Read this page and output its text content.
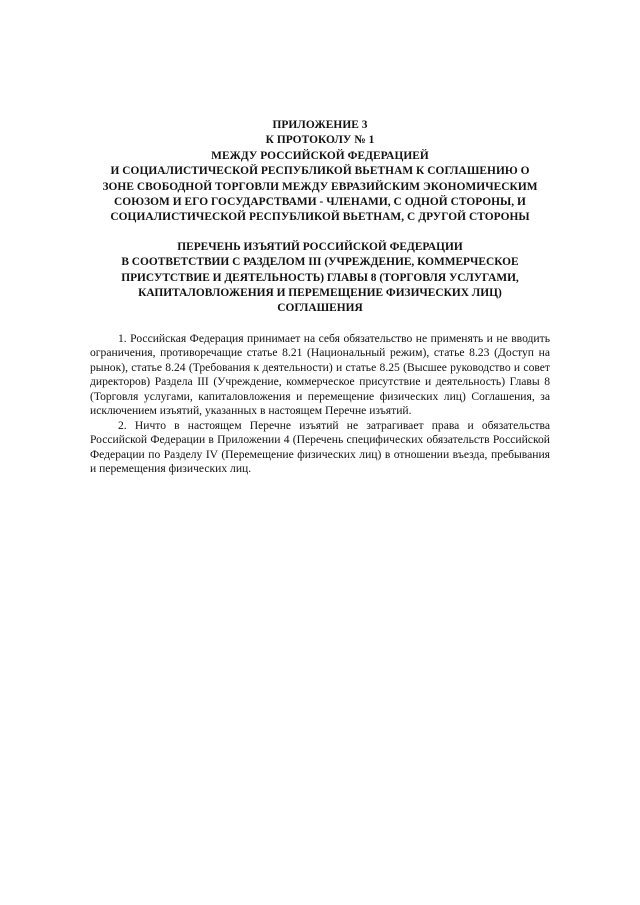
ПРИЛОЖЕНИЕ 3
К ПРОТОКОЛУ № 1
МЕЖДУ РОССИЙСКОЙ ФЕДЕРАЦИЕЙ
И СОЦИАЛИСТИЧЕСКОЙ РЕСПУБЛИКОЙ ВЬЕТНАМ К СОГЛАШЕНИЮ О
ЗОНЕ СВОБОДНОЙ ТОРГОВЛИ МЕЖДУ ЕВРАЗИЙСКИМ ЭКОНОМИЧЕСКИМ
СОЮЗОМ И ЕГО ГОСУДАРСТВАМИ - ЧЛЕНАМИ, С ОДНОЙ СТОРОНЫ, И
СОЦИАЛИСТИЧЕСКОЙ РЕСПУБЛИКОЙ ВЬЕТНАМ, С ДРУГОЙ СТОРОНЫ
ПЕРЕЧЕНЬ ИЗЪЯТИЙ РОССИЙСКОЙ ФЕДЕРАЦИИ
В СООТВЕТСТВИИ С РАЗДЕЛОМ III (УЧРЕЖДЕНИЕ, КОММЕРЧЕСКОЕ
ПРИСУТСТВИЕ И ДЕЯТЕЛЬНОСТЬ) ГЛАВЫ 8 (ТОРГОВЛЯ УСЛУГАМИ,
КАПИТАЛОВЛОЖЕНИЯ И ПЕРЕМЕЩЕНИЕ ФИЗИЧЕСКИХ ЛИЦ)
СОГЛАШЕНИЯ

1. Российская Федерация принимает на себя обязательство не применять и не вводить ограничения, противоречащие статье 8.21 (Национальный режим), статье 8.23 (Доступ на рынок), статье 8.24 (Требования к деятельности) и статье 8.25 (Высшее руководство и совет директоров) Раздела III (Учреждение, коммерческое присутствие и деятельность) Главы 8 (Торговля услугами, капиталовложения и перемещение физических лиц) Соглашения, за исключением изъятий, указанных в настоящем Перечне изъятий.

2. Ничто в настоящем Перечне изъятий не затрагивает права и обязательства Российской Федерации в Приложении 4 (Перечень специфических обязательств Российской Федерации по Разделу IV (Перемещение физических лиц) в отношении въезда, пребывания и перемещения физических лиц.
